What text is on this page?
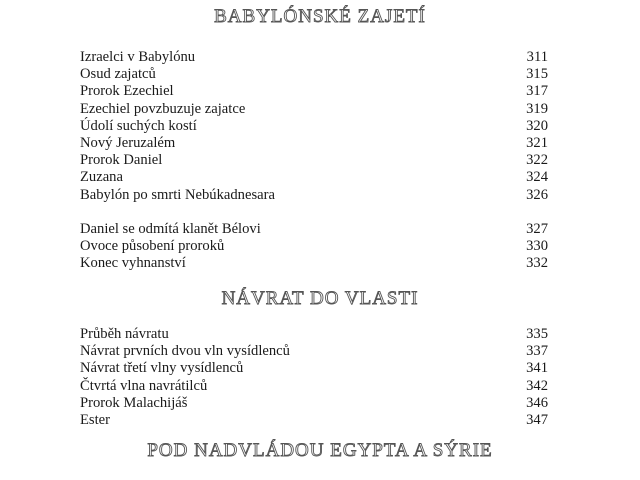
BABYLÓNSKÉ ZAJETÍ
Izraelci v Babylónu	311
Osud zajatců	315
Prorok Ezechiel	317
Ezechiel povzbuzuje zajatce	319
Údolí suchých kostí	320
Nový Jeruzalém	321
Prorok Daniel	322
Zuzana	324
Babylón po smrti Nebúkadnesara	326
Daniel se odmítá klanět Bélovi	327
Ovoce působení proroků	330
Konec vyhnanství	332
NÁVRAT DO VLASTI
Průběh návratu	335
Návrat prvních dvou vln vysídlenců	337
Návrat třetí vlny vysídlenců	341
Čtvrtá vlna navrátilců	342
Prorok Malachijáš	346
Ester	347
POD NADVLÁDOU EGYPTA A SÝRIE
